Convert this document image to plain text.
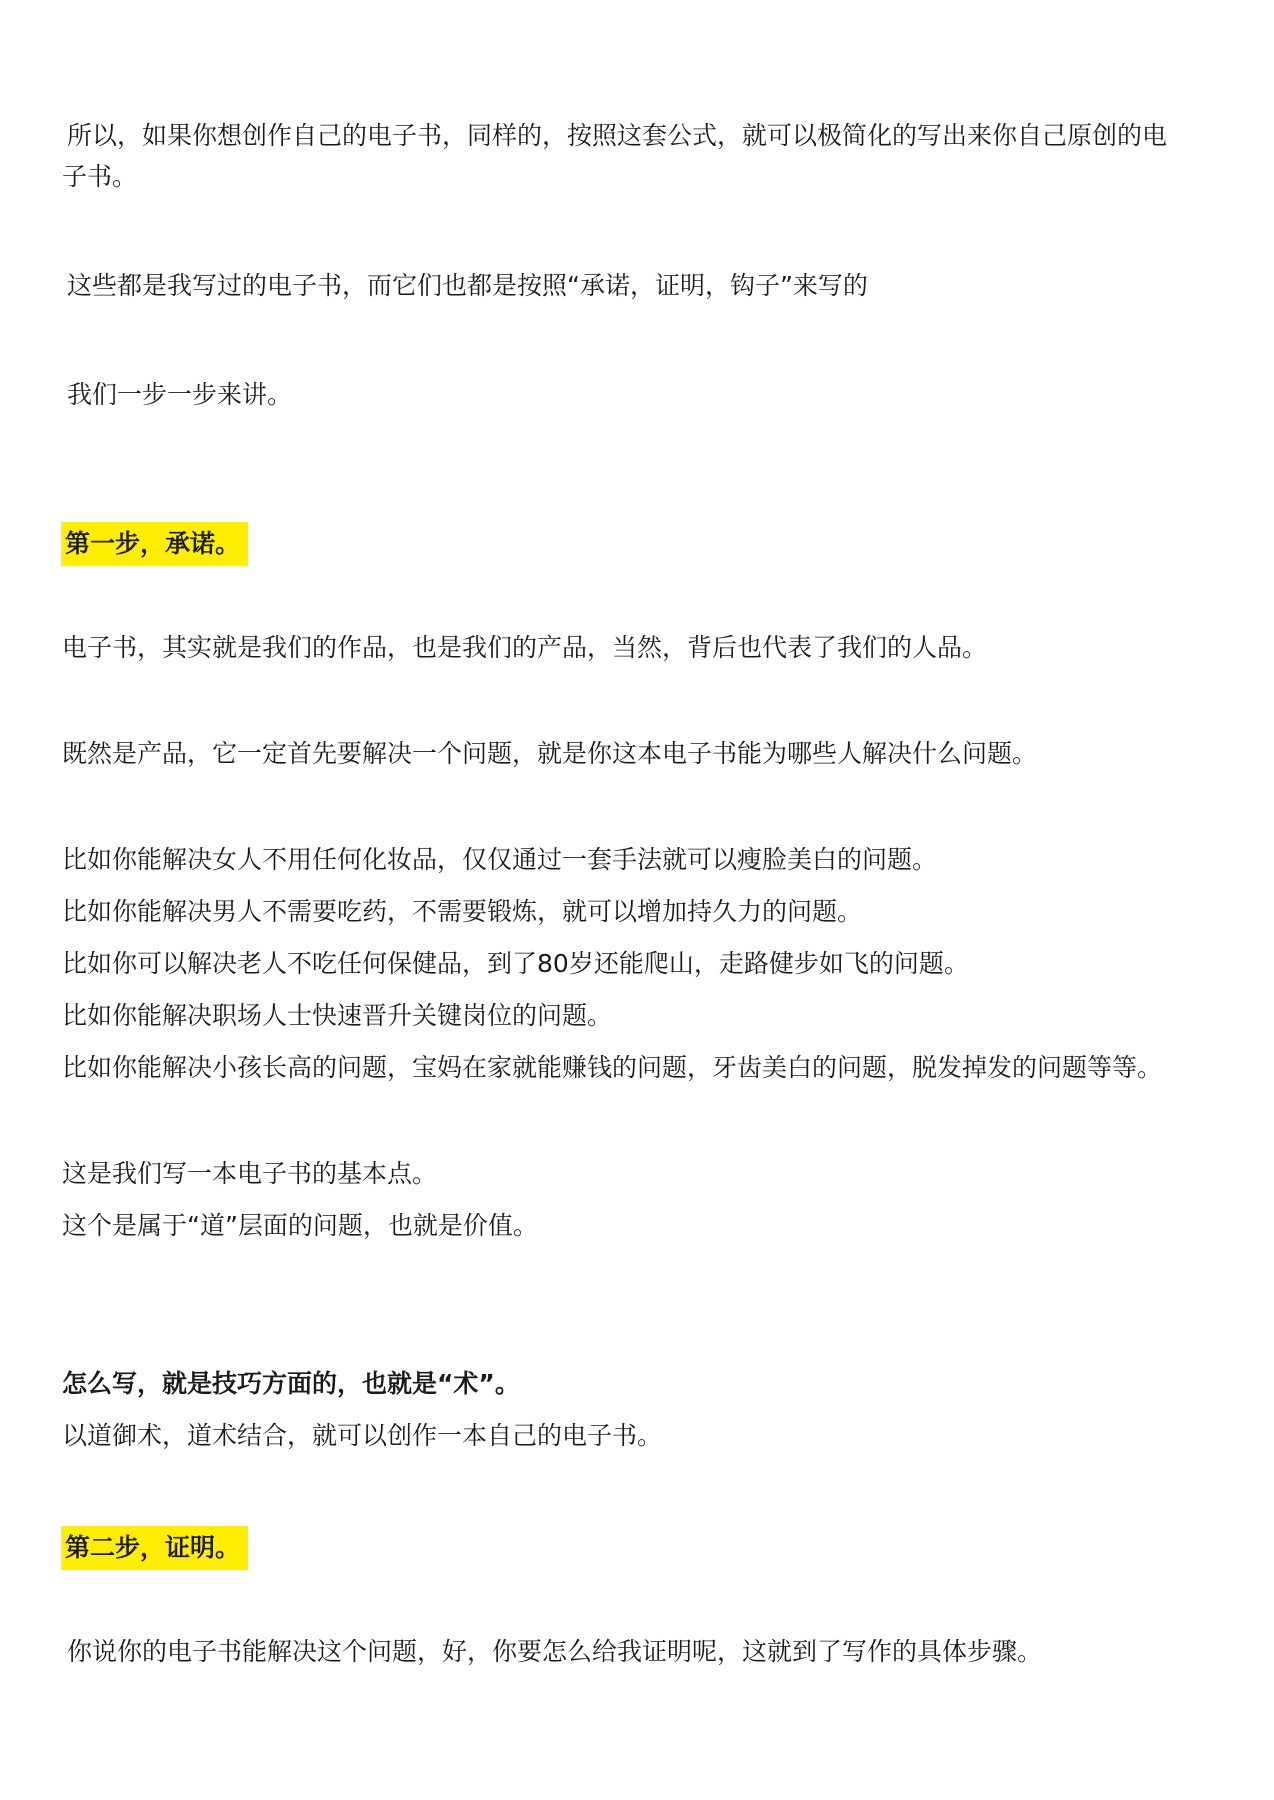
所以，如果你想创作自己的电子书，同样的，按照这套公式，就可以极简化的写出来你自己原创的电
子书。
这些都是我写过的电子书，而它们也都是按照“承诺，证明，钩子”来写的
我们一步一步来讲。
第一步，承诺。
电子书，其实就是我们的作品，也是我们的产品，当然，背后也代表了我们的人品。
既然是产品，它一定首先要解决一个问题，就是你这本电子书能为哪些人解决什么问题。
比如你能解决女人不用任何化妆品，仅仅通过一套手法就可以瘦脸美白的问题。
比如你能解决男人不需要吃药，不需要锻炼，就可以增加持久力的问题。
比如你可以解决老人不吃任何保健品，到了80岁还能爬山，走路健步如飞的问题。
比如你能解决职场人士快速晋升关键岗位的问题。
比如你能解决小孩长高的问题，宝妈在家就能赚钱的问题，牙齿美白的问题，脱发掉发的问题等等。
这是我们写一本电子书的基本点。
这个是属于“道”层面的问题，也就是价值。
怎么写，就是技巧方面的，也就是“术”。
以道御术，道术结合，就可以创作一本自己的电子书。
第二步，证明。
你说你的电子书能解决这个问题，好，你要怎么给我证明呢，这就到了写作的具体步骤。
